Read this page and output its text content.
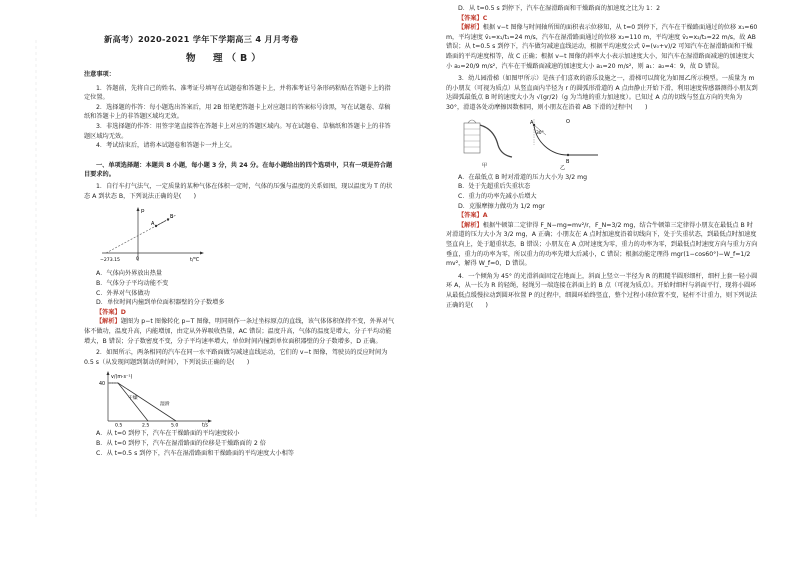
新高考）2020-2021 学年下学期高三 4 月月考卷
物　理（B）

注意事项：

1．答题前，先将自己的姓名、准考证号填写在试题卷和答题卡上，并将准考证号条形码粘贴在答题卡上的指定位置。

2．选择题的作答：每小题选出答案后，用 2B 铅笔把答题卡上对应题目的答案标号涂黑，写在试题卷、草稿纸和答题卡上的非答题区域均无效。

3．非选择题的作答：用签字笔直接答在答题卡上对应的答题区域内。写在试题卷、草稿纸和答题卡上的非答题区域均无效。

4．考试结束后，请将本试题卷和答题卡一并上交。

一、单项选择题：本题共 8 小题，每小题 3 分，共 24 分。在每小题给出的四个选项中，只有一项是符合题目要求的。

1．自行车打气法气，一定质量的某种气体在体积一定时，气体的压强与温度的关系如图，现以温度为 T 的状态 A 到状态 B，下列说法正确的是(　　)

p
t/℃
−273.15	0
A
B

A．气体向外界放出热量

B．气体分子平均动能不变

C．外界对气体做功

D．单位时间内撞到单位面积器壁的分子数增多

【答案】D

【解析】题图为 p−t 图像转化 p−T 图像，明同刻作一条过坐标原点的直线，该气体体积保持不变，外界对气体不做功，温度升高，内能增加，由定从外界吸收热量，AC 错误；温度升高，气体的温度是增大，分子平均动能增大，B 错误；分子数密度不变，分子平均速率增大，单位时间内撞到单位面积器壁的分子数增多，D 正确。

2．如图所示，两条相同的汽车在同一水平路面做匀减速直线运动，它们的 v−t 图像，驾驶员的反应时间为 0.5 s（从发现问题到制动的时间），下列说法正确的是(　　)

v/(m·s⁻¹)
t/s
40
0.5	2.5	5.0
干燥
湿滑

A．从 t=0 到停下，汽车在干燥路面的平均速度较小

B．从 t=0 到停下，汽车在湿滑路面的位移是干燥路面的 2 倍

C．从 t=0.5 s 到停下，汽车在湿滑路面和干燥路面的平均速度大小相等

D．从 t=0.5 s 到停下，汽车在湿滑路面和干燥路面的加速度之比为 1：2

【答案】C

【解析】根据 v−t 图像与时间轴所围的面积表示位移知，从 t=0 到停下，汽车在干燥路面通过的位移 x₁=60 m，平均速度 v̄₁=x₁/t₁=24 m/s，汽车在湿滑路面通过的位移 x₂=110 m，平均速度 v̄₂=x₂/t₂=22 m/s，故 AB 错误；从 t=0.5 s 到停下，汽车做匀减速直线运动，根据平均速度公式 v̄=(v₀+v)/2 可知汽车在湿滑路面和干燥路面的平均速度相等，故 C 正确；根据 v−t 图像的斜率大小表示加速度大小，知汽车在湿滑路面减速的加速度大小 a₂=20/9 m/s²，汽车在干燥路面减速的加速度大小 a₁=20 m/s²，则 a₁：a₂=4：9，故 D 错误。

3．幼儿园滑梯（如图甲所示）是孩子们喜欢的游乐设施之一，滑梯可以简化为如图乙所示模型。一质量为 m 的小朋友（可视为质点）从竖直面内半径为 r 的圆弧形滑道的 A 点由静止开始下滑，利用速度传感器测得小朋友到达圆弧最低点 B 时的速度大小为 √(gr/2)（g 为当地的重力加速度）。已知过 A 点的切线与竖直方向的夹角为 30°，滑道各处动摩擦因数相同，则小朋友在沿着 AB 下滑的过程中(　　)

甲
A
B
30°
O
乙

A．在最低点 B 时对滑道的压力大小为 3/2 mg

B．处于先超重后失重状态

C．重力的功率先减小后增大

D．克服摩擦力做功为 1/2 mgr

【答案】A

【解析】根据牛顿第二定律得 F_N−mg=mv²/r，F_N=3/2 mg，结合牛顿第三定律得小朋友在最低点 B 时对滑道的压力大小为 3/2 mg，A 正确；小朋友在 A 点时加速度沿着切线向下，处于失重状态，到最低点时加速度竖直向上，处于超重状态，B 错误；小朋友在 A 点时速度为零，重力的功率为零，到最低点时速度方向与重力方向垂直，重力的功率为零，所以重力的功率先增大后减小，C 错误；根据动能定理得 mgr(1−cos60°)−W_f=1/2 mv²，解得 W_f=0，D 错误。

4．一个倾角为 45° 的光滑斜面固定在地面上，斜面上竖立一半径为 R 的粗糙半圆形细杆，细杆上套一轻小圆环 A，从一长为 R 的轻绳，轻绳另一端连接在斜面上的 B 点（可视为质点）。开始时细杆与斜面平行，现将小圆环从最低点缓慢拉动到圆环位置 P 的过程中，细圆环始终竖直，整个过程小球位置不变，轻杆不计重力，则下列说法正确的是(　　)
